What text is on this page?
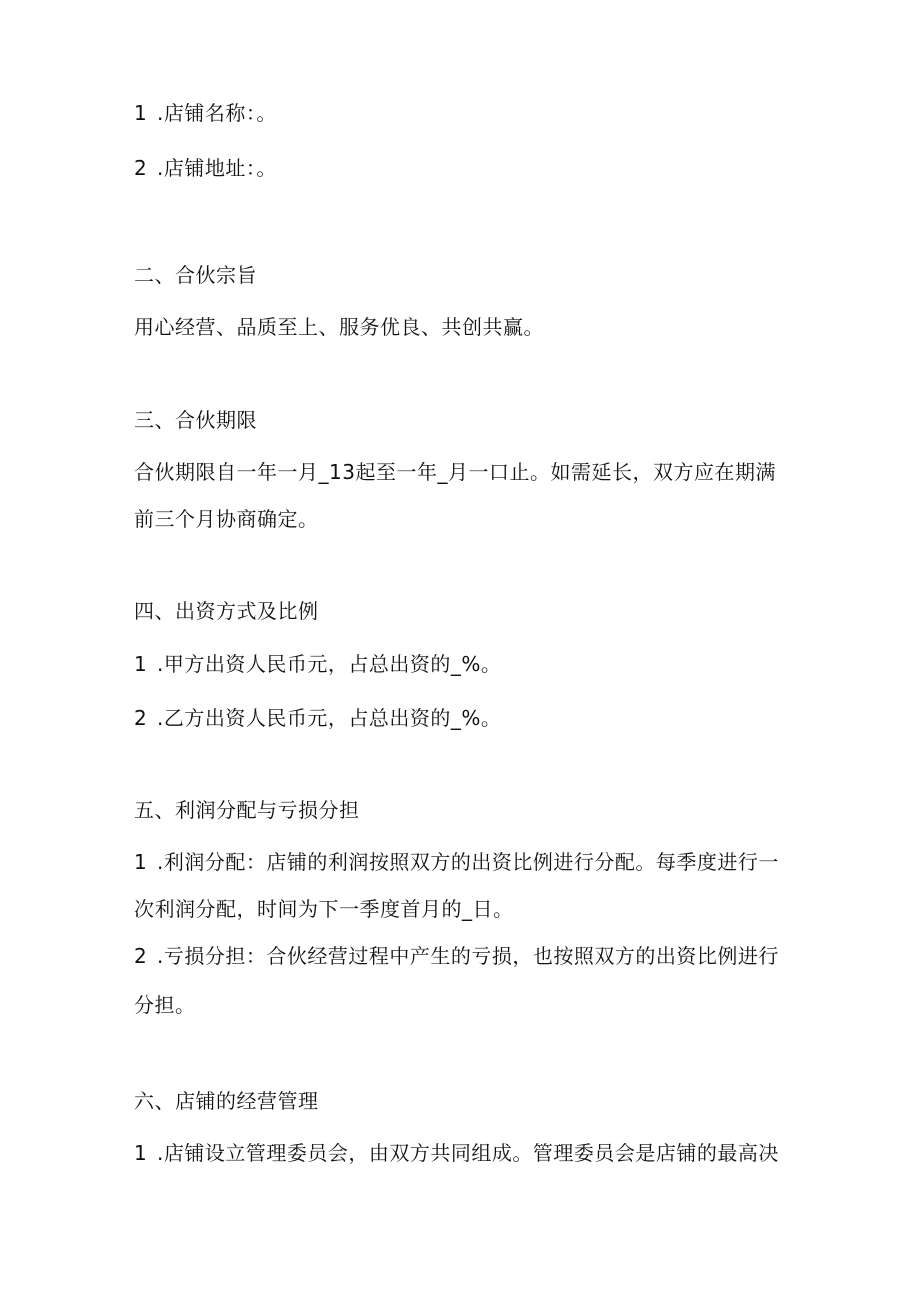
1 .店铺名称：。
2 .店铺地址：。
二、合伙宗旨
用心经营、品质至上、服务优良、共创共赢。
三、合伙期限
合伙期限自一年一月_13起至一年_月一口止。如需延长，双方应在期满
前三个月协商确定。
四、出资方式及比例
1 .甲方出资人民币元，占总出资的_%。
2 .乙方出资人民币元，占总出资的_%。
五、利润分配与亏损分担
1 .利润分配：店铺的利润按照双方的出资比例进行分配。每季度进行一
次利润分配，时间为下一季度首月的_日。
2 .亏损分担：合伙经营过程中产生的亏损，也按照双方的出资比例进行
分担。
六、店铺的经营管理
1 .店铺设立管理委员会，由双方共同组成。管理委员会是店铺的最高决
